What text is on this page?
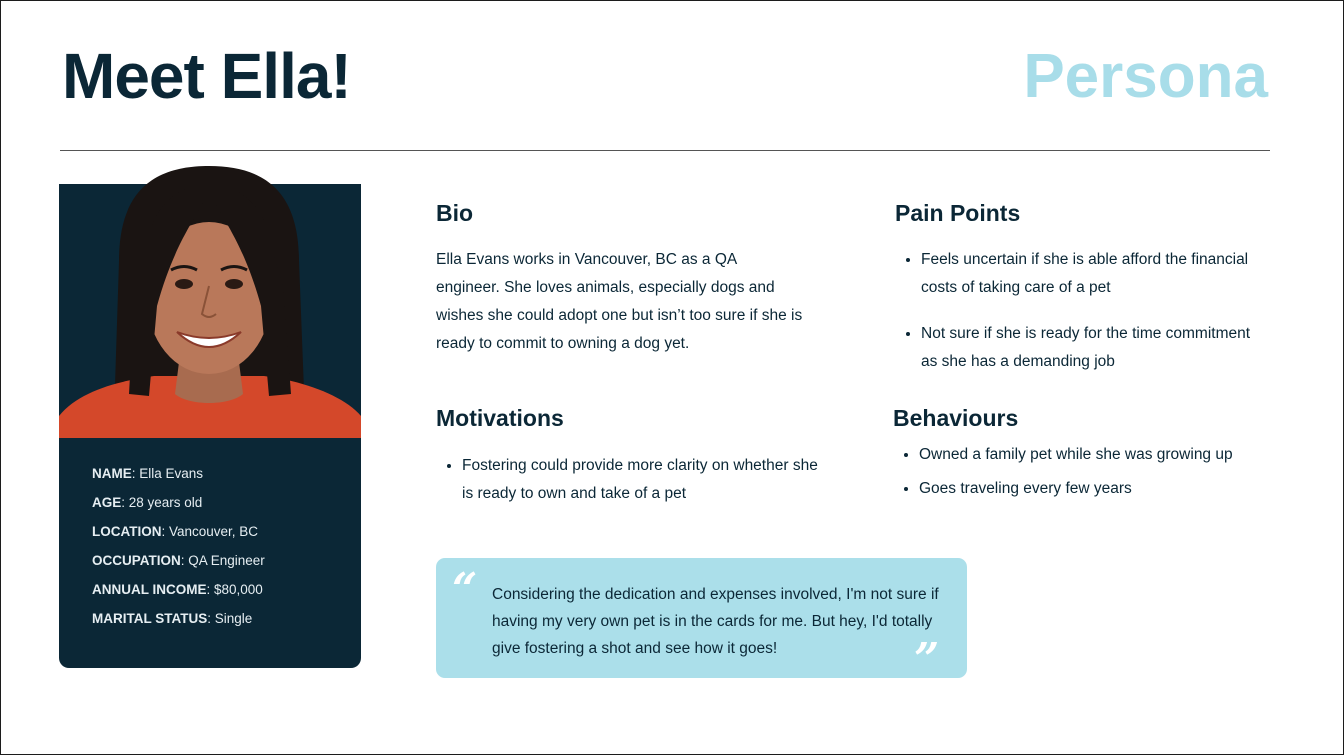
Meet Ella!	Persona
NAME: Ella Evans
AGE: 28 years old
LOCATION: Vancouver, BC
OCCUPATION: QA Engineer
ANNUAL INCOME: $80,000
MARITAL STATUS: Single
Bio

Ella Evans works in Vancouver, BC as a QA engineer. She loves animals, especially dogs and wishes she could adopt one but isn’t too sure if she is ready to commit to owning a dog yet.

Pain Points
• Feels uncertain if she is able afford the financial costs of taking care of a pet
• Not sure if she is ready for the time commitment as she has a demanding job
Motivations
• Fostering could provide more clarity on whether she is ready to own and take of a pet
Behaviours
• Owned a family pet while she was growing up
• Goes traveling every few years
“ Considering the dedication and expenses involved, I'm not sure if having my very own pet is in the cards for me. But hey, I'd totally give fostering a shot and see how it goes!	”
